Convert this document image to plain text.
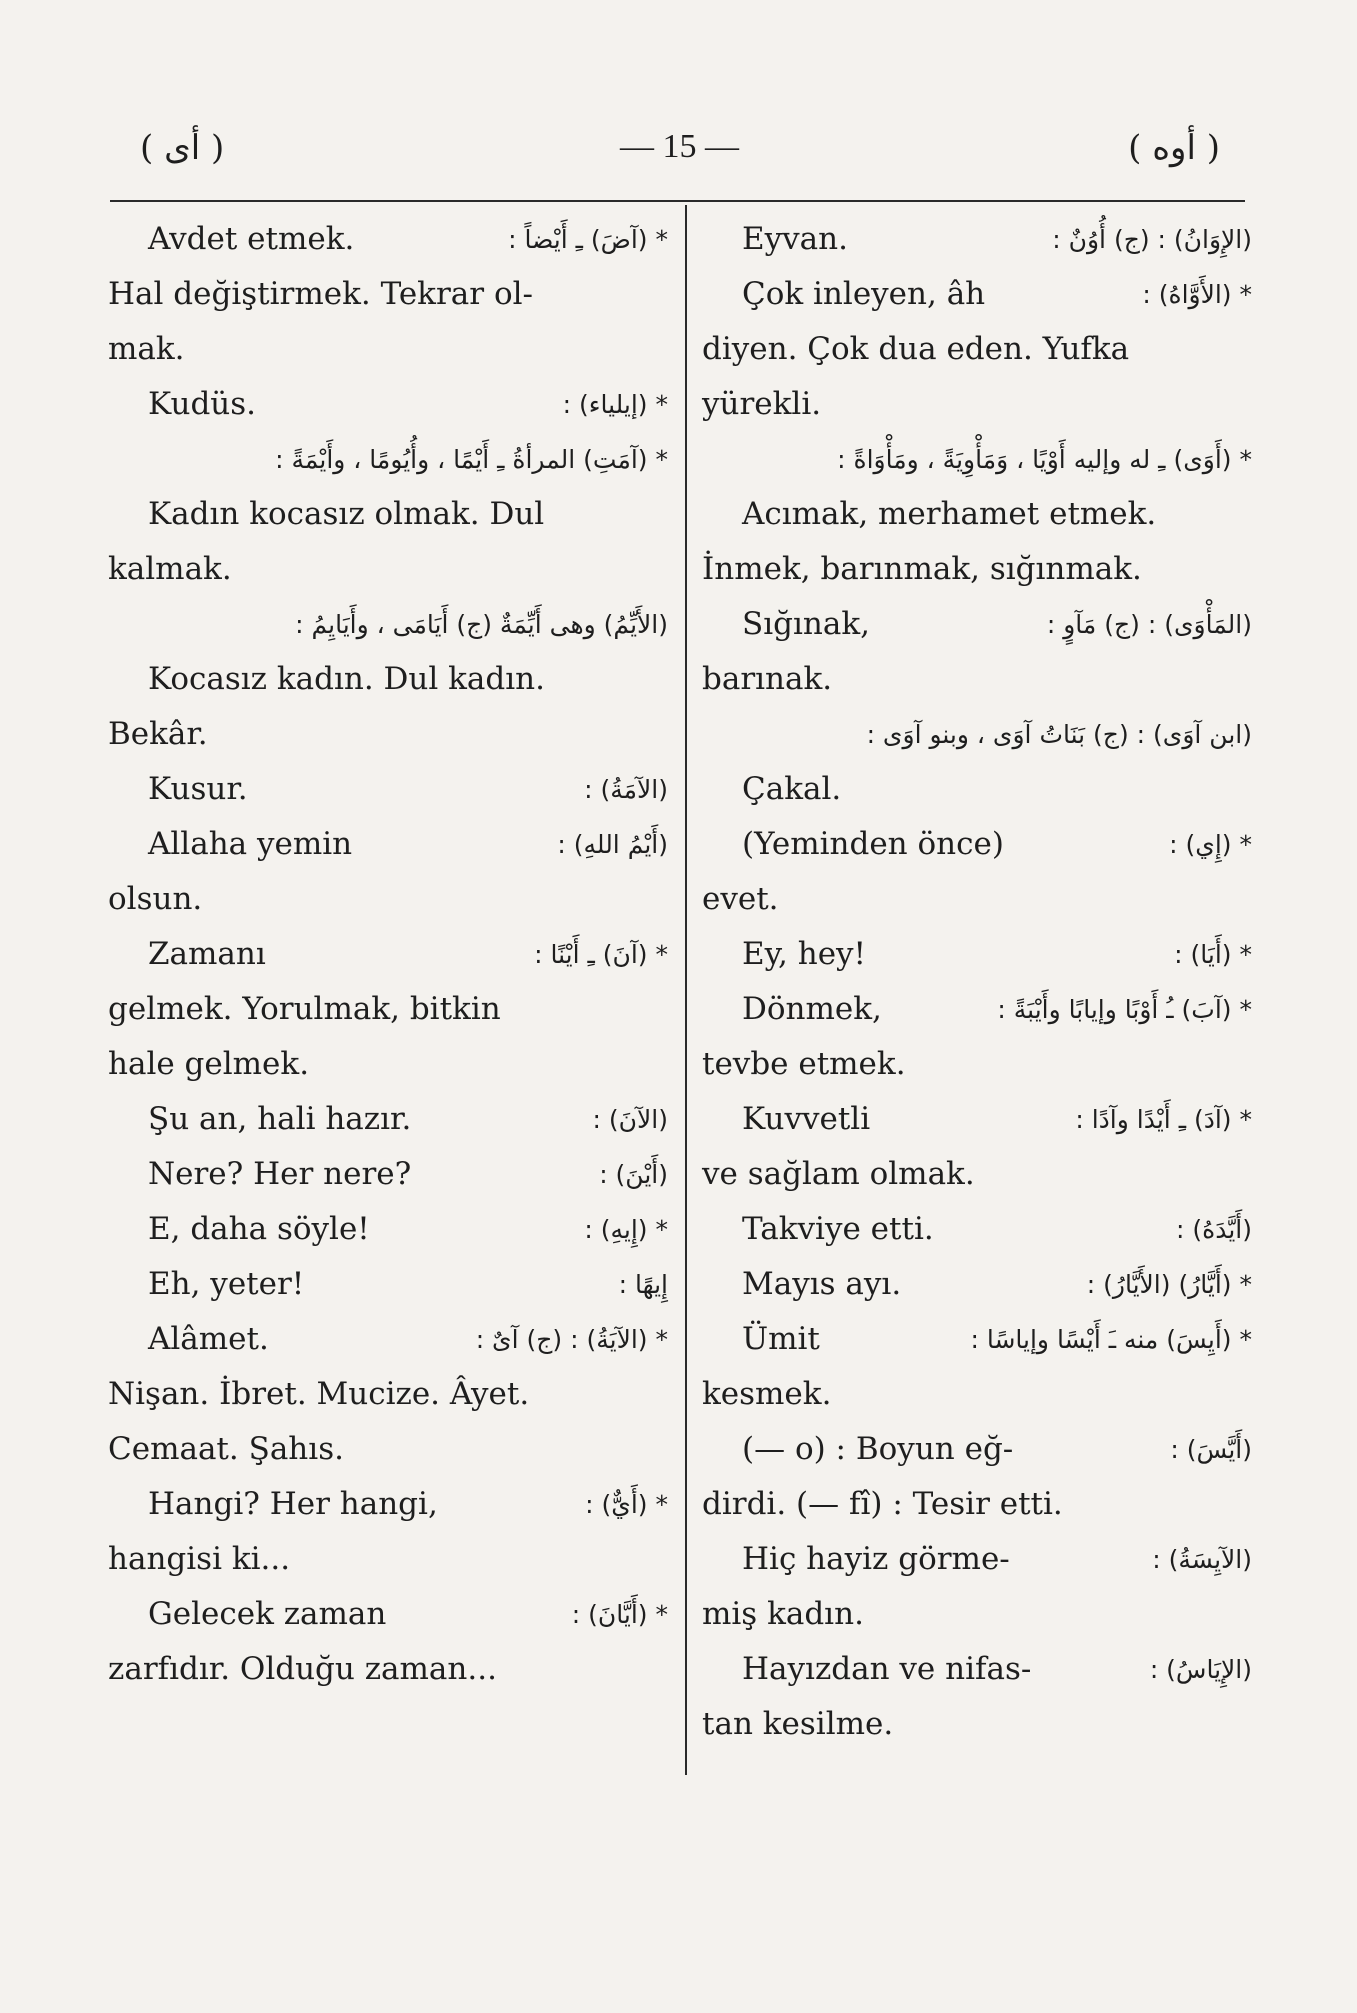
( أى )	— 15 —	( أوه )
Avdet etmek.	* (آضَ) ـِ أَيْضاً :
Hal değiştirmek. Tekrar ol-
mak.
Kudüs.	* (إيلياء) :
* (آمَتِ) المرأةُ ـِ أَيْمًا ، وأُيُومًا ، وأَيْمَةً :
Kadın kocasız olmak. Dul
kalmak.
(الأَيِّمُ) وهى أَيِّمَةٌ (ج) أَيَامَى ، وأَيَايِمُ :
Kocasız kadın. Dul kadın.
Bekâr.
Kusur.	(الآمَةُ) :
Allaha yemin	(أَيْمُ اللهِ) :
olsun.
Zamanı	* (آنَ) ـِ أَيْنًا :
gelmek. Yorulmak, bitkin
hale gelmek.
Şu an, hali hazır.	(الآنَ) :
Nere? Her nere?	(أَيْنَ) :
E, daha söyle!	* (إِيهِ) :
Eh, yeter!	إِيهًا :
Alâmet.	* (الآيَةُ) : (ج) آىٌ :
Nişan. İbret. Mucize. Âyet.
Cemaat. Şahıs.
Hangi? Her hangi,	* (أَيٌّ) :
hangisi ki...
Gelecek zaman	* (أَيَّانَ) :
zarfıdır. Olduğu zaman...
Eyvan.	(الإِوَانُ) : (ج) أُوُنٌ :
Çok inleyen, âh	* (الأَوَّاهُ) :
diyen. Çok dua eden. Yufka
yürekli.
* (أَوَى) ـِ له وإليه أَوْيًا ، وَمَأْوِيَةً ، ومَأْوَاةً :
Acımak, merhamet etmek.
İnmek, barınmak, sığınmak.
Sığınak,	(المَأْوَى) : (ج) مَآوٍ :
barınak.
(ابن آوَى) : (ج) بَنَاتُ آوَى ، وبنو آوَى :
Çakal.
(Yeminden önce)	* (إِي) :
evet.
Ey, hey!	* (أَيَا) :
Dönmek,	* (آبَ) ـُ أَوْبًا وإيابًا وأَيْبَةً :
tevbe etmek.
Kuvvetli	* (آدَ) ـِ أَيْدًا وآدًا :
ve sağlam olmak.
Takviye etti.	(أَيَّدَهُ) :
Mayıs ayı.	* (أَيَّارُ) (الأَيَّارُ) :
Ümit	* (أَيِسَ) منه ـَ أَيْسًا وإياسًا :
kesmek.
(— o) : Boyun eğ-	(أَيَّسَ) :
dirdi. (— fî) : Tesir etti.
Hiç hayiz görme-	(الآيِسَةُ) :
miş kadın.
Hayızdan ve nifas-	(الإِيَاسُ) :
tan kesilme.
